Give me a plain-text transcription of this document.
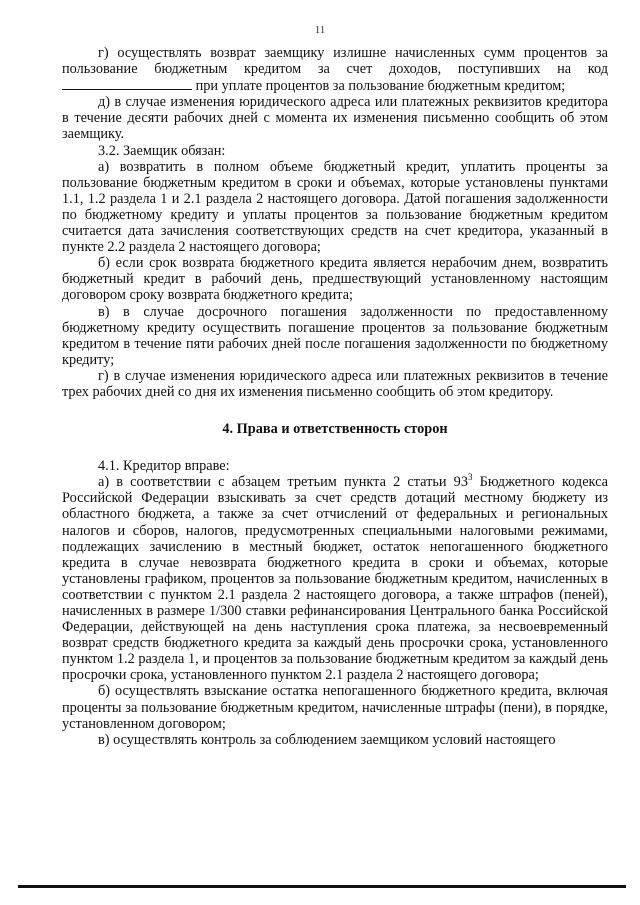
11

г) осуществлять возврат заемщику излишне начисленных сумм процентов за пользование бюджетным кредитом за счет доходов, поступивших на код  при уплате процентов за пользование бюджетным кредитом;

д) в случае изменения юридического адреса или платежных реквизитов кредитора в течение десяти рабочих дней с момента их изменения письменно сообщить об этом заемщику.

3.2. Заемщик обязан:

а) возвратить в полном объеме бюджетный кредит, уплатить проценты за пользование бюджетным кредитом в сроки и объемах, которые установлены пунктами 1.1, 1.2 раздела 1 и 2.1 раздела 2 настоящего договора. Датой погашения задолженности по бюджетному кредиту и уплаты процентов за пользование бюджетным кредитом считается дата зачисления соответствующих средств на счет кредитора, указанный в пункте 2.2 раздела 2 настоящего договора;

б) если срок возврата бюджетного кредита является нерабочим днем, возвратить бюджетный кредит в рабочий день, предшествующий установленному настоящим договором сроку возврата бюджетного кредита;

в) в случае досрочного погашения задолженности по предоставленному бюджетному кредиту осуществить погашение процентов за пользование бюджетным кредитом в течение пяти рабочих дней после погашения задолженности по бюджетному кредиту;

г) в случае изменения юридического адреса или платежных реквизитов в течение трех рабочих дней со дня их изменения письменно сообщить об этом кредитору.

4. Права и ответственность сторон

4.1. Кредитор вправе:

а) в соответствии с абзацем третьим пункта 2 статьи $93^3$ Бюджетного кодекса Российской Федерации взыскивать за счет средств дотаций местному бюджету из областного бюджета, а также за счет отчислений от федеральных и региональных налогов и сборов, налогов, предусмотренных специальными налоговыми режимами, подлежащих зачислению в местный бюджет, остаток непогашенного бюджетного кредита в случае невозврата бюджетного кредита в сроки и объемах, которые установлены графиком, процентов за пользование бюджетным кредитом, начисленных в соответствии с пунктом 2.1 раздела 2 настоящего договора, а также штрафов (пеней), начисленных в размере 1/300 ставки рефинансирования Центрального банка Российской Федерации, действующей на день наступления срока платежа, за несвоевременный возврат средств бюджетного кредита за каждый день просрочки срока, установленного пунктом 1.2 раздела 1, и процентов за пользование бюджетным кредитом за каждый день просрочки срока, установленного пунктом 2.1 раздела 2 настоящего договора;

б) осуществлять взыскание остатка непогашенного бюджетного кредита, включая проценты за пользование бюджетным кредитом, начисленные штрафы (пени), в порядке, установленном договором;

в) осуществлять контроль за соблюдением заемщиком условий настоящего
